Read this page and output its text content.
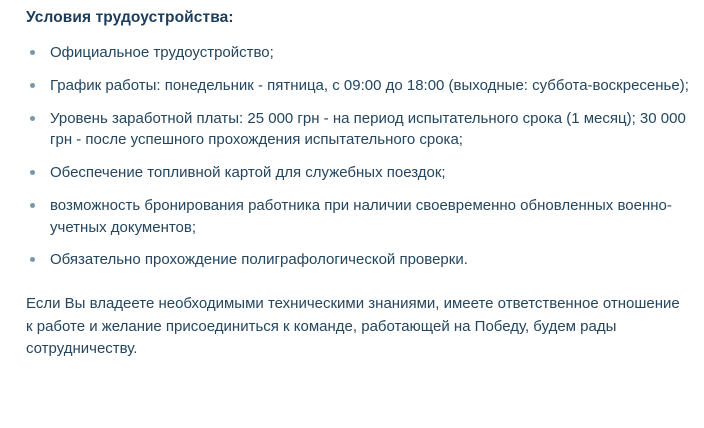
Условия трудоустройства:
Официальное трудоустройство;
График работы: понедельник - пятница, с 09:00 до 18:00 (выходные: суббота-воскресенье);
Уровень заработной платы: 25 000 грн - на период испытательного срока (1 месяц); 30 000 грн - после успешного прохождения испытательного срока;
Обеспечение топливной картой для служебных поездок;
возможность бронирования работника при наличии своевременно обновленных военно-учетных документов;
Обязательно прохождение полиграфологической проверки.

Если Вы владеете необходимыми техническими знаниями, имеете ответственное отношение к работе и желание присоединиться к команде, работающей на Победу, будем рады сотрудничеству.
